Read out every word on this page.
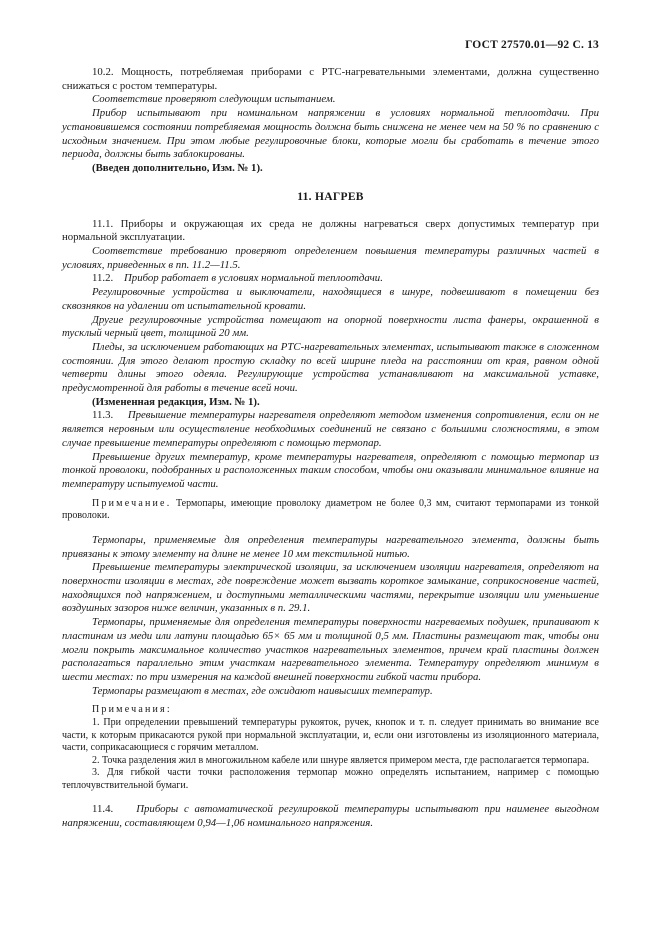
ГОСТ 27570.01—92 С. 13

10.2. Мощность, потребляемая приборами с РТС-нагревательными элементами, должна существенно снижаться с ростом температуры.

Соответствие проверяют следующим испытанием.

Прибор испытывают при номинальном напряжении в условиях нормальной теплоотдачи. При установившемся состоянии потребляемая мощность должна быть снижена не менее чем на 50 % по сравнению с исходным значением. При этом любые регулировочные блоки, которые могли бы сработать в течение этого периода, должны быть заблокированы.

(Введен дополнительно, Изм. № 1).

11. НАГРЕВ

11.1. Приборы и окружающая их среда не должны нагреваться сверх допустимых температур при нормальной эксплуатации.

Соответствие требованию проверяют определением повышения температуры различных частей в условиях, приведенных в пп. 11.2—11.5.

11.2. Прибор работает в условиях нормальной теплоотдачи.

Регулировочные устройства и выключатели, находящиеся в шнуре, подвешивают в помещении без сквозняков на удалении от испытательной кровати.

Другие регулировочные устройства помещают на опорной поверхности листа фанеры, окрашенной в тусклый черный цвет, толщиной 20 мм.

Пледы, за исключением работающих на РТС-нагревательных элементах, испытывают также в сложенном состоянии. Для этого делают простую складку по всей ширине пледа на расстоянии от края, равном одной четверти длины этого одеяла. Регулирующие устройства устанавливают на максимальной уставке, предусмотренной для работы в течение всей ночи.

(Измененная редакция, Изм. № 1).

11.3. Превышение температуры нагревателя определяют методом изменения сопротивления, если он не является неровным или осуществление необходимых соединений не связано с большими сложностями, в этом случае превышение температуры определяют с помощью термопар.

Превышение других температур, кроме температуры нагревателя, определяют с помощью термопар из тонкой проволоки, подобранных и расположенных таким способом, чтобы они оказывали минимальное влияние на температуру испытуемой части.

Примечание. Термопары, имеющие проволоку диаметром не более 0,3 мм, считают термопарами из тонкой проволоки.

Термопары, применяемые для определения температуры нагревательного элемента, должны быть привязаны к этому элементу на длине не менее 10 мм текстильной нитью.

Превышение температуры электрической изоляции, за исключением изоляции нагревателя, определяют на поверхности изоляции в местах, где повреждение может вызвать короткое замыкание, соприкосновение частей, находящихся под напряжением, и доступными металлическими частями, перекрытие изоляции или уменьшение воздушных зазоров ниже величин, указанных в п. 29.1.

Термопары, применяемые для определения температуры поверхности нагреваемых подушек, припаивают к пластинам из меди или латуни площадью 65× 65 мм и толщиной 0,5 мм. Пластины размещают так, чтобы они могли покрыть максимальное количество участков нагревательных элементов, причем край пластины должен располагаться параллельно этим участкам нагревательного элемента. Температуру определяют минимум в шести местах: по три измерения на каждой внешней поверхности гибкой части прибора.

Термопары размещают в местах, где ожидают наивысших температур.

Примечания:

1. При определении превышений температуры рукояток, ручек, кнопок и т. п. следует принимать во внимание все части, к которым прикасаются рукой при нормальной эксплуатации, и, если они изготовлены из изоляционного материала, части, соприкасающиеся с горячим металлом.

2. Точка разделения жил в многожильном кабеле или шнуре является примером места, где располагается термопара.

3. Для гибкой части точки расположения термопар можно определять испытанием, например с помощью теплочувствительной бумаги.

11.4. Приборы с автоматической регулировкой температуры испытывают при наименее выгодном напряжении, составляющем 0,94—1,06 номинального напряжения.
